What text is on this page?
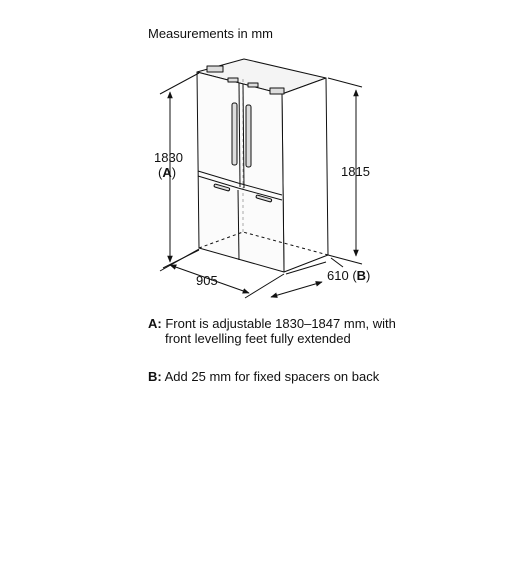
Measurements in mm
1830
(A)	1815
905	610 (B)
A: Front is adjustable 1830–1847 mm, with
front levelling feet fully extended
B: Add 25 mm for fixed spacers on back
